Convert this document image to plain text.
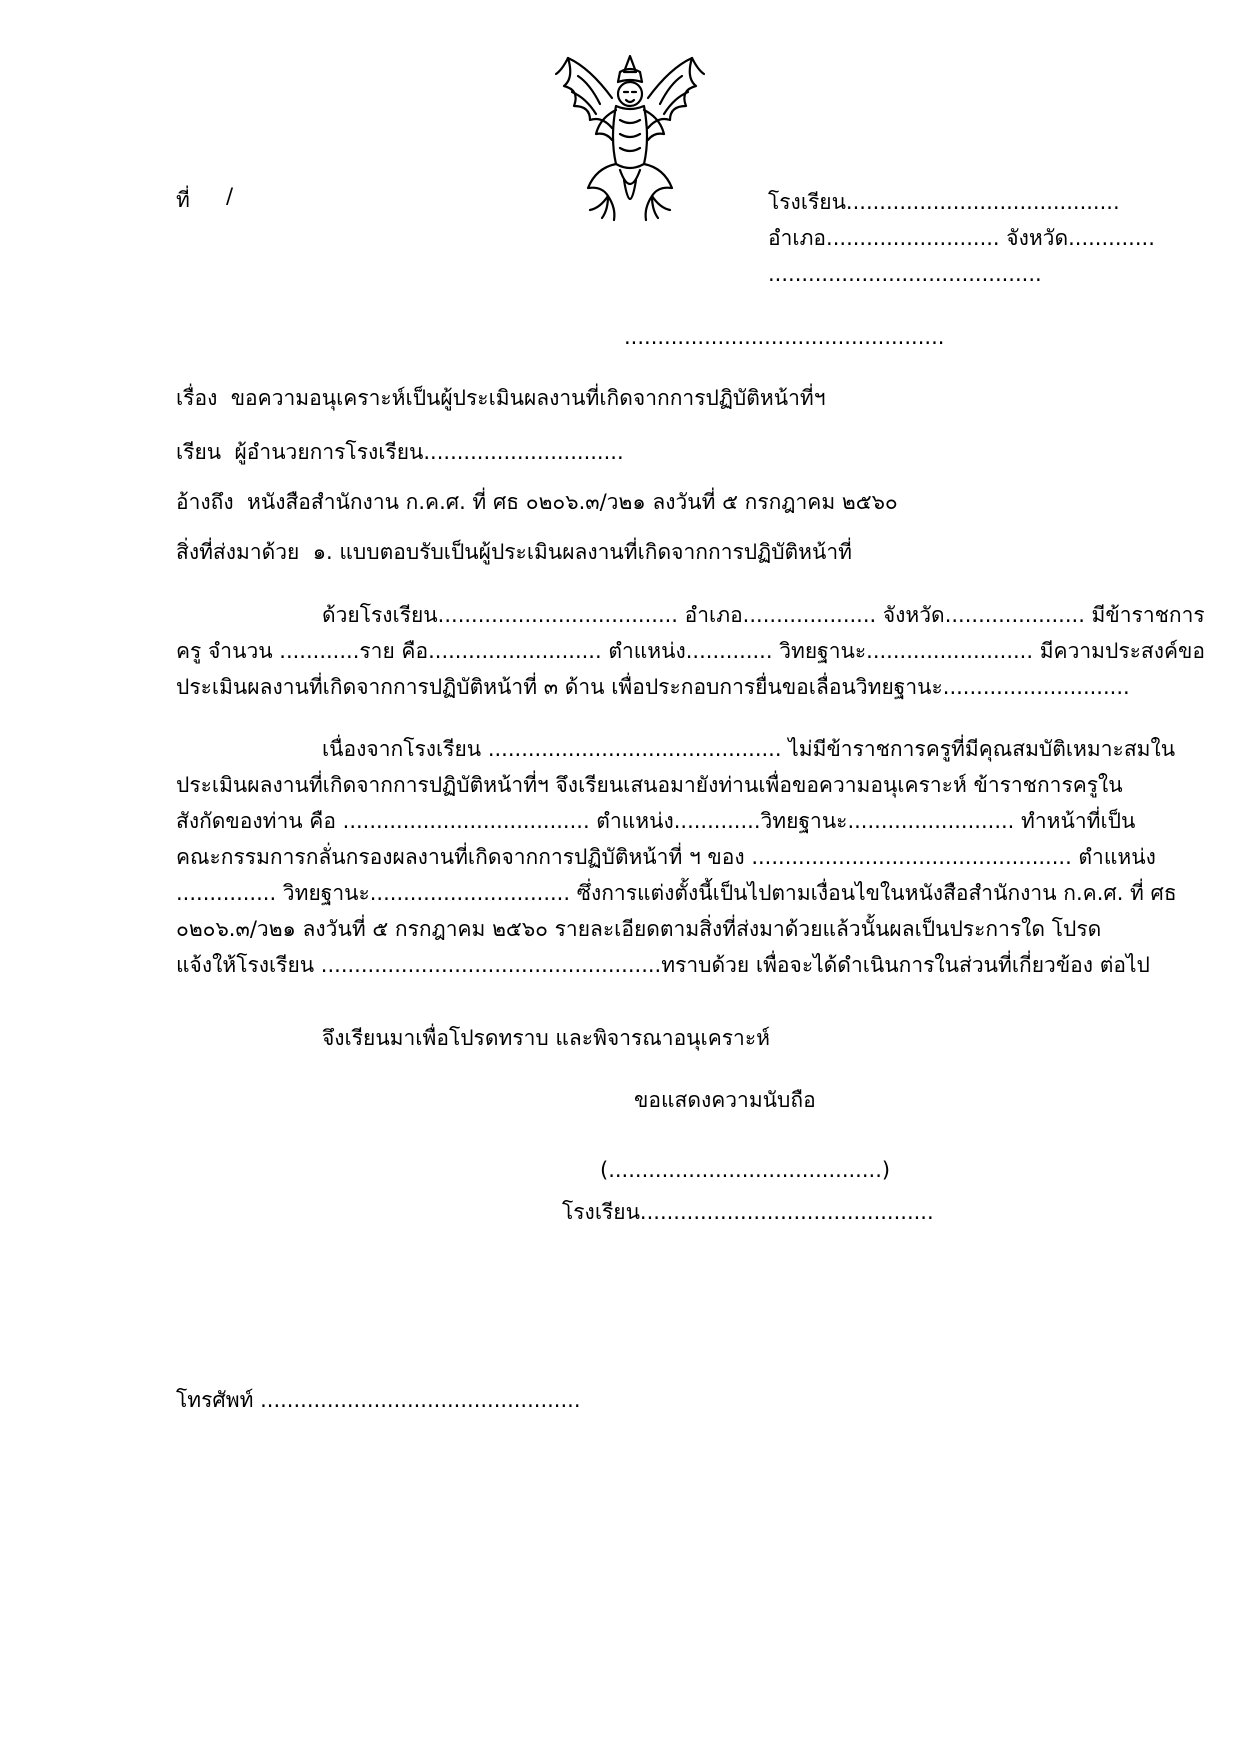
ที่ /	โรงเรียน.........................................
อำเภอ.......................... จังหวัด.............
.........................................
................................................
เรื่อง ขอความอนุเคราะห์เป็นผู้ประเมินผลงานที่เกิดจากการปฏิบัติหน้าที่ฯ
เรียน ผู้อำนวยการโรงเรียน..............................
อ้างถึง หนังสือสำนักงาน ก.ค.ศ. ที่ ศธ ๐๒๐๖.๓/ว๒๑ ลงวันที่ ๕ กรกฎาคม ๒๕๖๐
สิ่งที่ส่งมาด้วย ๑. แบบตอบรับเป็นผู้ประเมินผลงานที่เกิดจากการปฏิบัติหน้าที่
ด้วยโรงเรียน.................................... อำเภอ.................... จังหวัด..................... มีข้าราชการ
ครู จำนวน ............ราย คือ.......................... ตำแหน่ง............. วิทยฐานะ......................... มีความประสงค์ขอ
ประเมินผลงานที่เกิดจากการปฏิบัติหน้าที่ ๓ ด้าน เพื่อประกอบการยื่นขอเลื่อนวิทยฐานะ............................
เนื่องจากโรงเรียน ............................................ ไม่มีข้าราชการครูที่มีคุณสมบัติเหมาะสมใน
ประเมินผลงานที่เกิดจากการปฏิบัติหน้าที่ฯ จึงเรียนเสนอมายังท่านเพื่อขอความอนุเคราะห์ ข้าราชการครูใน
สังกัดของท่าน คือ ..................................... ตำแหน่ง.............วิทยฐานะ......................... ทำหน้าที่เป็น
คณะกรรมการกลั่นกรองผลงานที่เกิดจากการปฏิบัติหน้าที่ ฯ ของ ................................................ ตำแหน่ง
............... วิทยฐานะ.............................. ซึ่งการแต่งตั้งนี้เป็นไปตามเงื่อนไขในหนังสือสำนักงาน ก.ค.ศ. ที่ ศธ
๐๒๐๖.๓/ว๒๑ ลงวันที่ ๕ กรกฎาคม ๒๕๖๐ รายละเอียดตามสิ่งที่ส่งมาด้วยแล้วนั้นผลเป็นประการใด โปรด
แจ้งให้โรงเรียน ...................................................ทราบด้วย เพื่อจะได้ดำเนินการในส่วนที่เกี่ยวข้อง ต่อไป
จึงเรียนมาเพื่อโปรดทราบ และพิจารณาอนุเคราะห์
ขอแสดงความนับถือ
(.........................................)
โรงเรียน............................................
โทรศัพท์ ................................................
